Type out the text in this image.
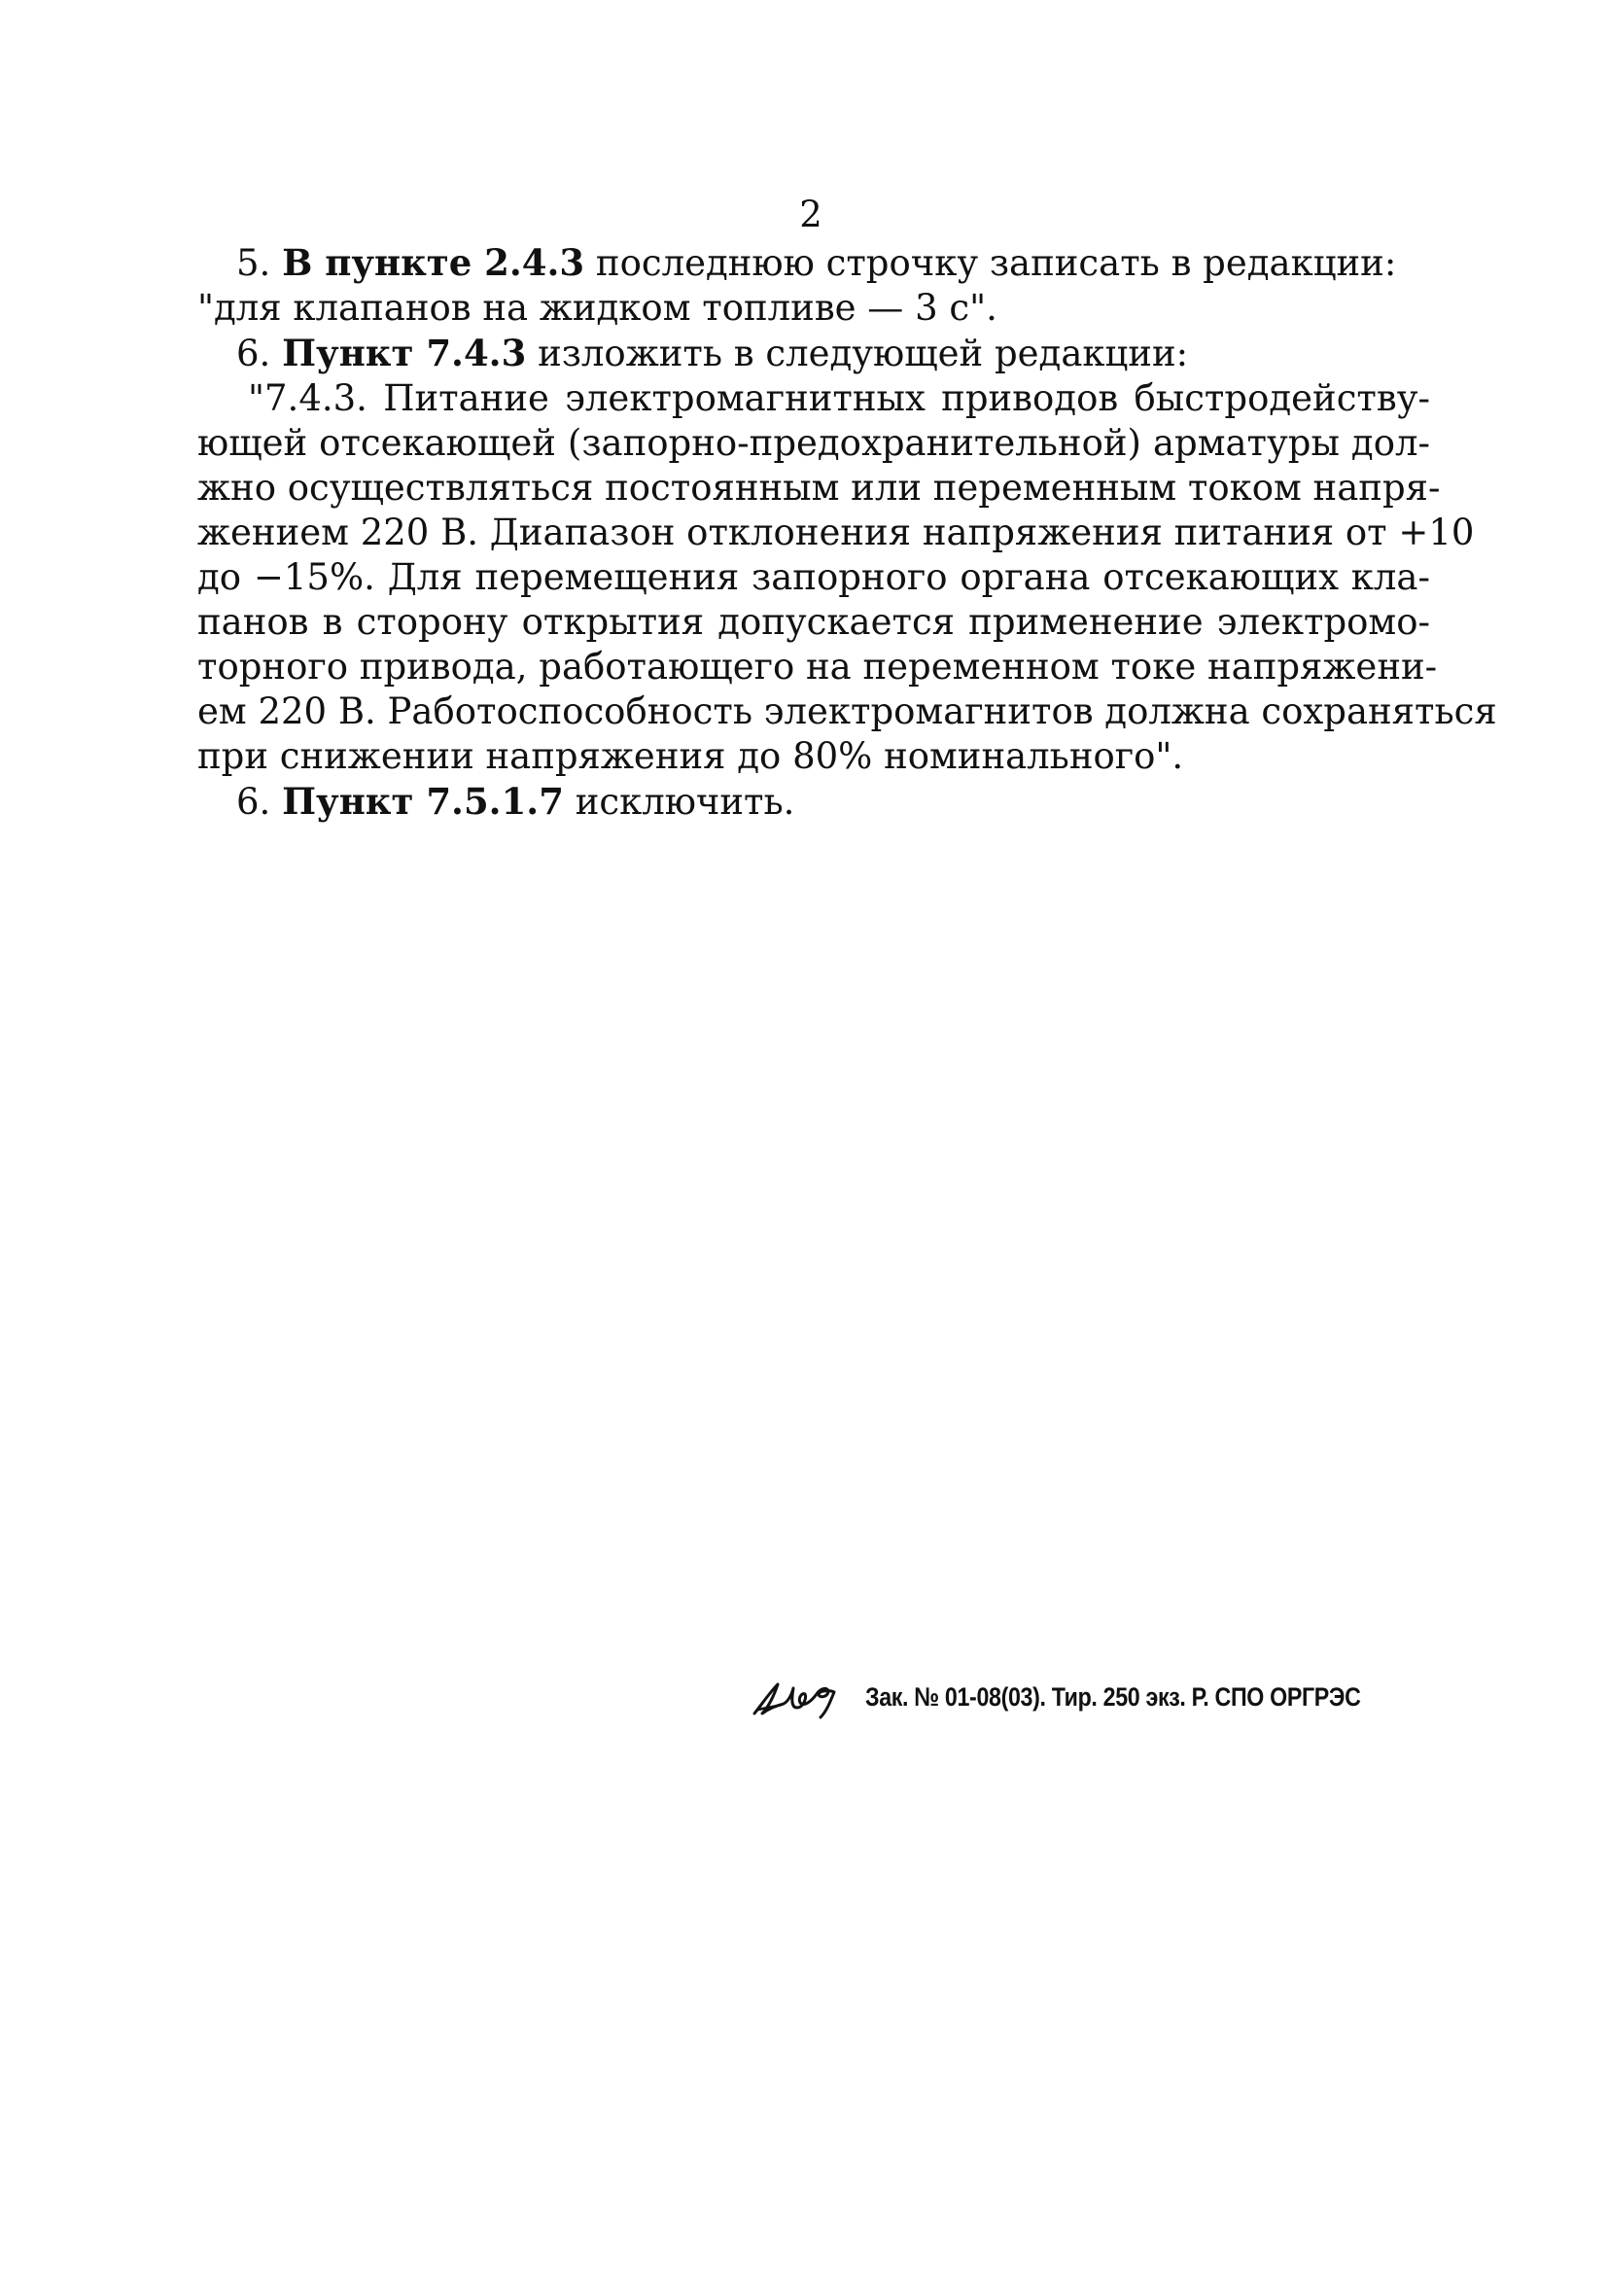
2

5. В пункте 2.4.3 последнюю строчку записать в редакции:

"для клапанов на жидком топливе — 3 с".

6. Пункт 7.4.3 изложить в следующей редакции:

"7.4.3. Питание электромагнитных приводов быстродейству-

ющей отсекающей (запорно-предохранительной) арматуры дол-

жно осуществляться постоянным или переменным током напря-

жением 220 В. Диапазон отклонения напряжения питания от +10

до −15%. Для перемещения запорного органа отсекающих кла-

панов в сторону открытия допускается применение электромо-

торного привода, работающего на переменном токе напряжени-

ем 220 В. Работоспособность электромагнитов должна сохраняться

при снижении напряжения до 80% номинального".

6. Пункт 7.5.1.7 исключить.

Зак. № 01-08(03). Тир. 250 экз. Р. СПО ОРГРЭС
